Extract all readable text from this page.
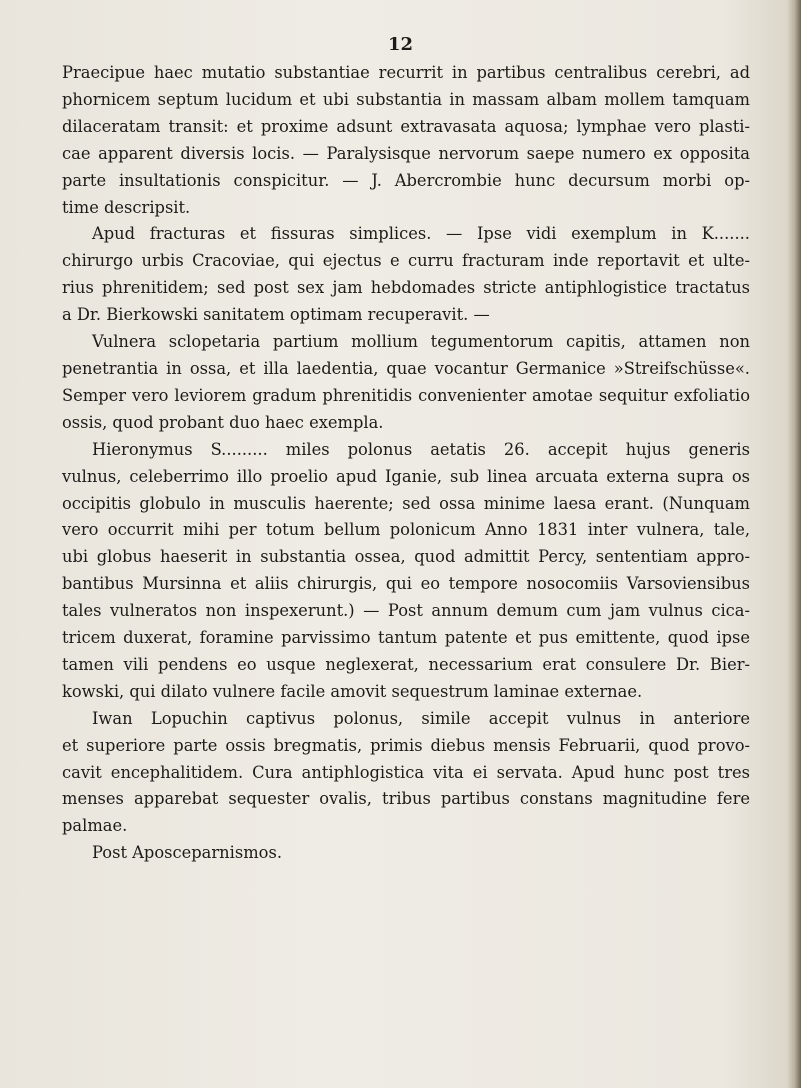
12
Praecipue haec mutatio substantiae recurrit in partibus centralibus cerebri, ad
phornicem septum lucidum et ubi substantia in massam albam mollem tamquam
dilaceratam transit: et proxime adsunt extravasata aquosa; lymphae vero plasti-
cae apparent diversis locis. — Paralysisque nervorum saepe numero ex opposita
parte insultationis conspicitur. — J. Abercrombie hunc decursum morbi op-
time descripsit.
Apud fracturas et fissuras simplices. — Ipse vidi exemplum in K.......
chirurgo urbis Cracoviae, qui ejectus e curru fracturam inde reportavit et ulte-
rius phrenitidem; sed post sex jam hebdomades stricte antiphlogistice tractatus
a Dr. Bierkowski sanitatem optimam recuperavit. —
Vulnera sclopetaria partium mollium tegumentorum capitis, attamen non
penetrantia in ossa, et illa laedentia, quae vocantur Germanice »Streifschüsse«.
Semper vero leviorem gradum phrenitidis convenienter amotae sequitur exfoliatio
ossis, quod probant duo haec exempla.
Hieronymus S......... miles polonus aetatis 26. accepit hujus generis
vulnus, celeberrimo illo proelio apud Iganie, sub linea arcuata externa supra os
occipitis globulo in musculis haerente; sed ossa minime laesa erant. (Nunquam
vero occurrit mihi per totum bellum polonicum Anno 1831 inter vulnera, tale,
ubi globus haeserit in substantia ossea, quod admittit Percy, sententiam appro-
bantibus Mursinna et aliis chirurgis, qui eo tempore nosocomiis Varsoviensibus
tales vulneratos non inspexerunt.) — Post annum demum cum jam vulnus cica-
tricem duxerat, foramine parvissimo tantum patente et pus emittente, quod ipse
tamen vili pendens eo usque neglexerat, necessarium erat consulere Dr. Bier-
kowski, qui dilato vulnere facile amovit sequestrum laminae externae.
Iwan Lopuchin captivus polonus, simile accepit vulnus in anteriore
et superiore parte ossis bregmatis, primis diebus mensis Februarii, quod provo-
cavit encephalitidem. Cura antiphlogistica vita ei servata. Apud hunc post tres
menses apparebat sequester ovalis, tribus partibus constans magnitudine fere
palmae.
Post Aposceparnismos.
